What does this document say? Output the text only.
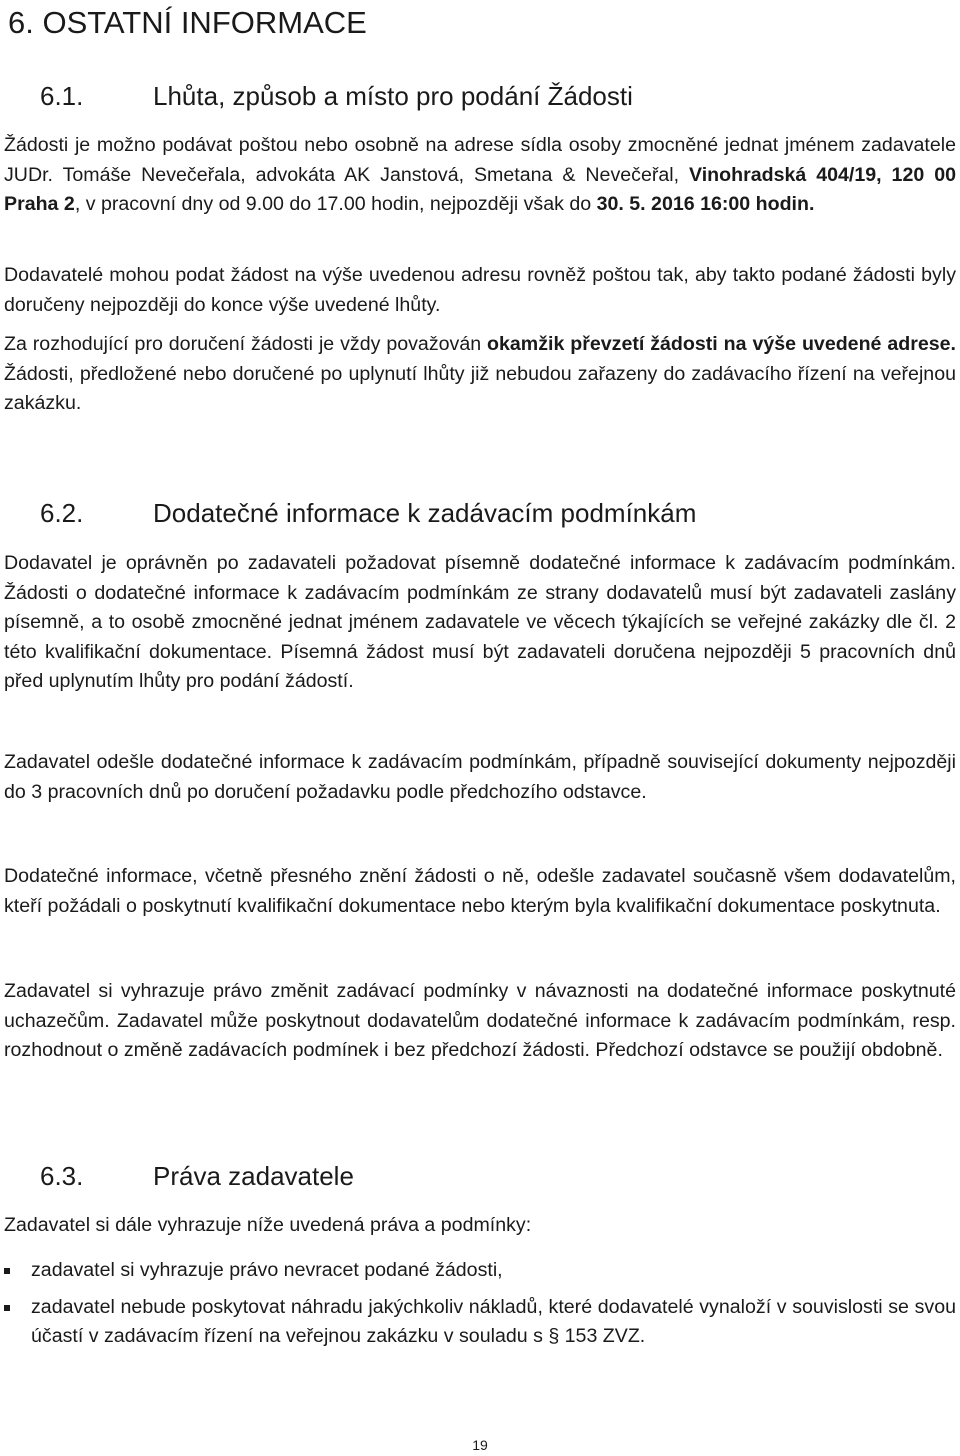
6. OSTATNÍ INFORMACE
6.1.	Lhůta, způsob a místo pro podání Žádosti
Žádosti je možno podávat poštou nebo osobně na adrese sídla osoby zmocněné jednat jménem zadavatele JUDr. Tomáše Nevečeřala, advokáta AK Janstová, Smetana & Nevečeřal, Vinohradská 404/19, 120 00 Praha 2, v pracovní dny od 9.00 do 17.00 hodin, nejpozději však do 30. 5. 2016 16:00 hodin.
Dodavatelé mohou podat žádost na výše uvedenou adresu rovněž poštou tak, aby takto podané žádosti byly doručeny nejpozději do konce výše uvedené lhůty.
Za rozhodující pro doručení žádosti je vždy považován okamžik převzetí žádosti na výše uvedené adrese. Žádosti, předložené nebo doručené po uplynutí lhůty již nebudou zařazeny do zadávacího řízení na veřejnou zakázku.
6.2.	Dodatečné informace k zadávacím podmínkám
Dodavatel je oprávněn po zadavateli požadovat písemně dodatečné informace k zadávacím podmínkám. Žádosti o dodatečné informace k zadávacím podmínkám ze strany dodavatelů musí být zadavateli zaslány písemně, a to osobě zmocněné jednat jménem zadavatele ve věcech týkajících se veřejné zakázky dle čl. 2 této kvalifikační dokumentace. Písemná žádost musí být zadavateli doručena nejpozději 5 pracovních dnů před uplynutím lhůty pro podání žádostí.
Zadavatel odešle dodatečné informace k zadávacím podmínkám, případně související dokumenty nejpozději do 3 pracovních dnů po doručení požadavku podle předchozího odstavce.
Dodatečné informace, včetně přesného znění žádosti o ně, odešle zadavatel současně všem dodavatelům, kteří požádali o poskytnutí kvalifikační dokumentace nebo kterým byla kvalifikační dokumentace poskytnuta.
Zadavatel si vyhrazuje právo změnit zadávací podmínky v návaznosti na dodatečné informace poskytnuté uchazečům. Zadavatel může poskytnout dodavatelům dodatečné informace k zadávacím podmínkám, resp. rozhodnout o změně zadávacích podmínek i bez předchozí žádosti. Předchozí odstavce se použijí obdobně.
6.3.	Práva zadavatele
Zadavatel si dále vyhrazuje níže uvedená práva a podmínky:
zadavatel si vyhrazuje právo nevracet podané žádosti,
zadavatel nebude poskytovat náhradu jakýchkoliv nákladů, které dodavatelé vynaloží v souvislosti se svou účastí v zadávacím řízení na veřejnou zakázku v souladu s § 153 ZVZ.
19
